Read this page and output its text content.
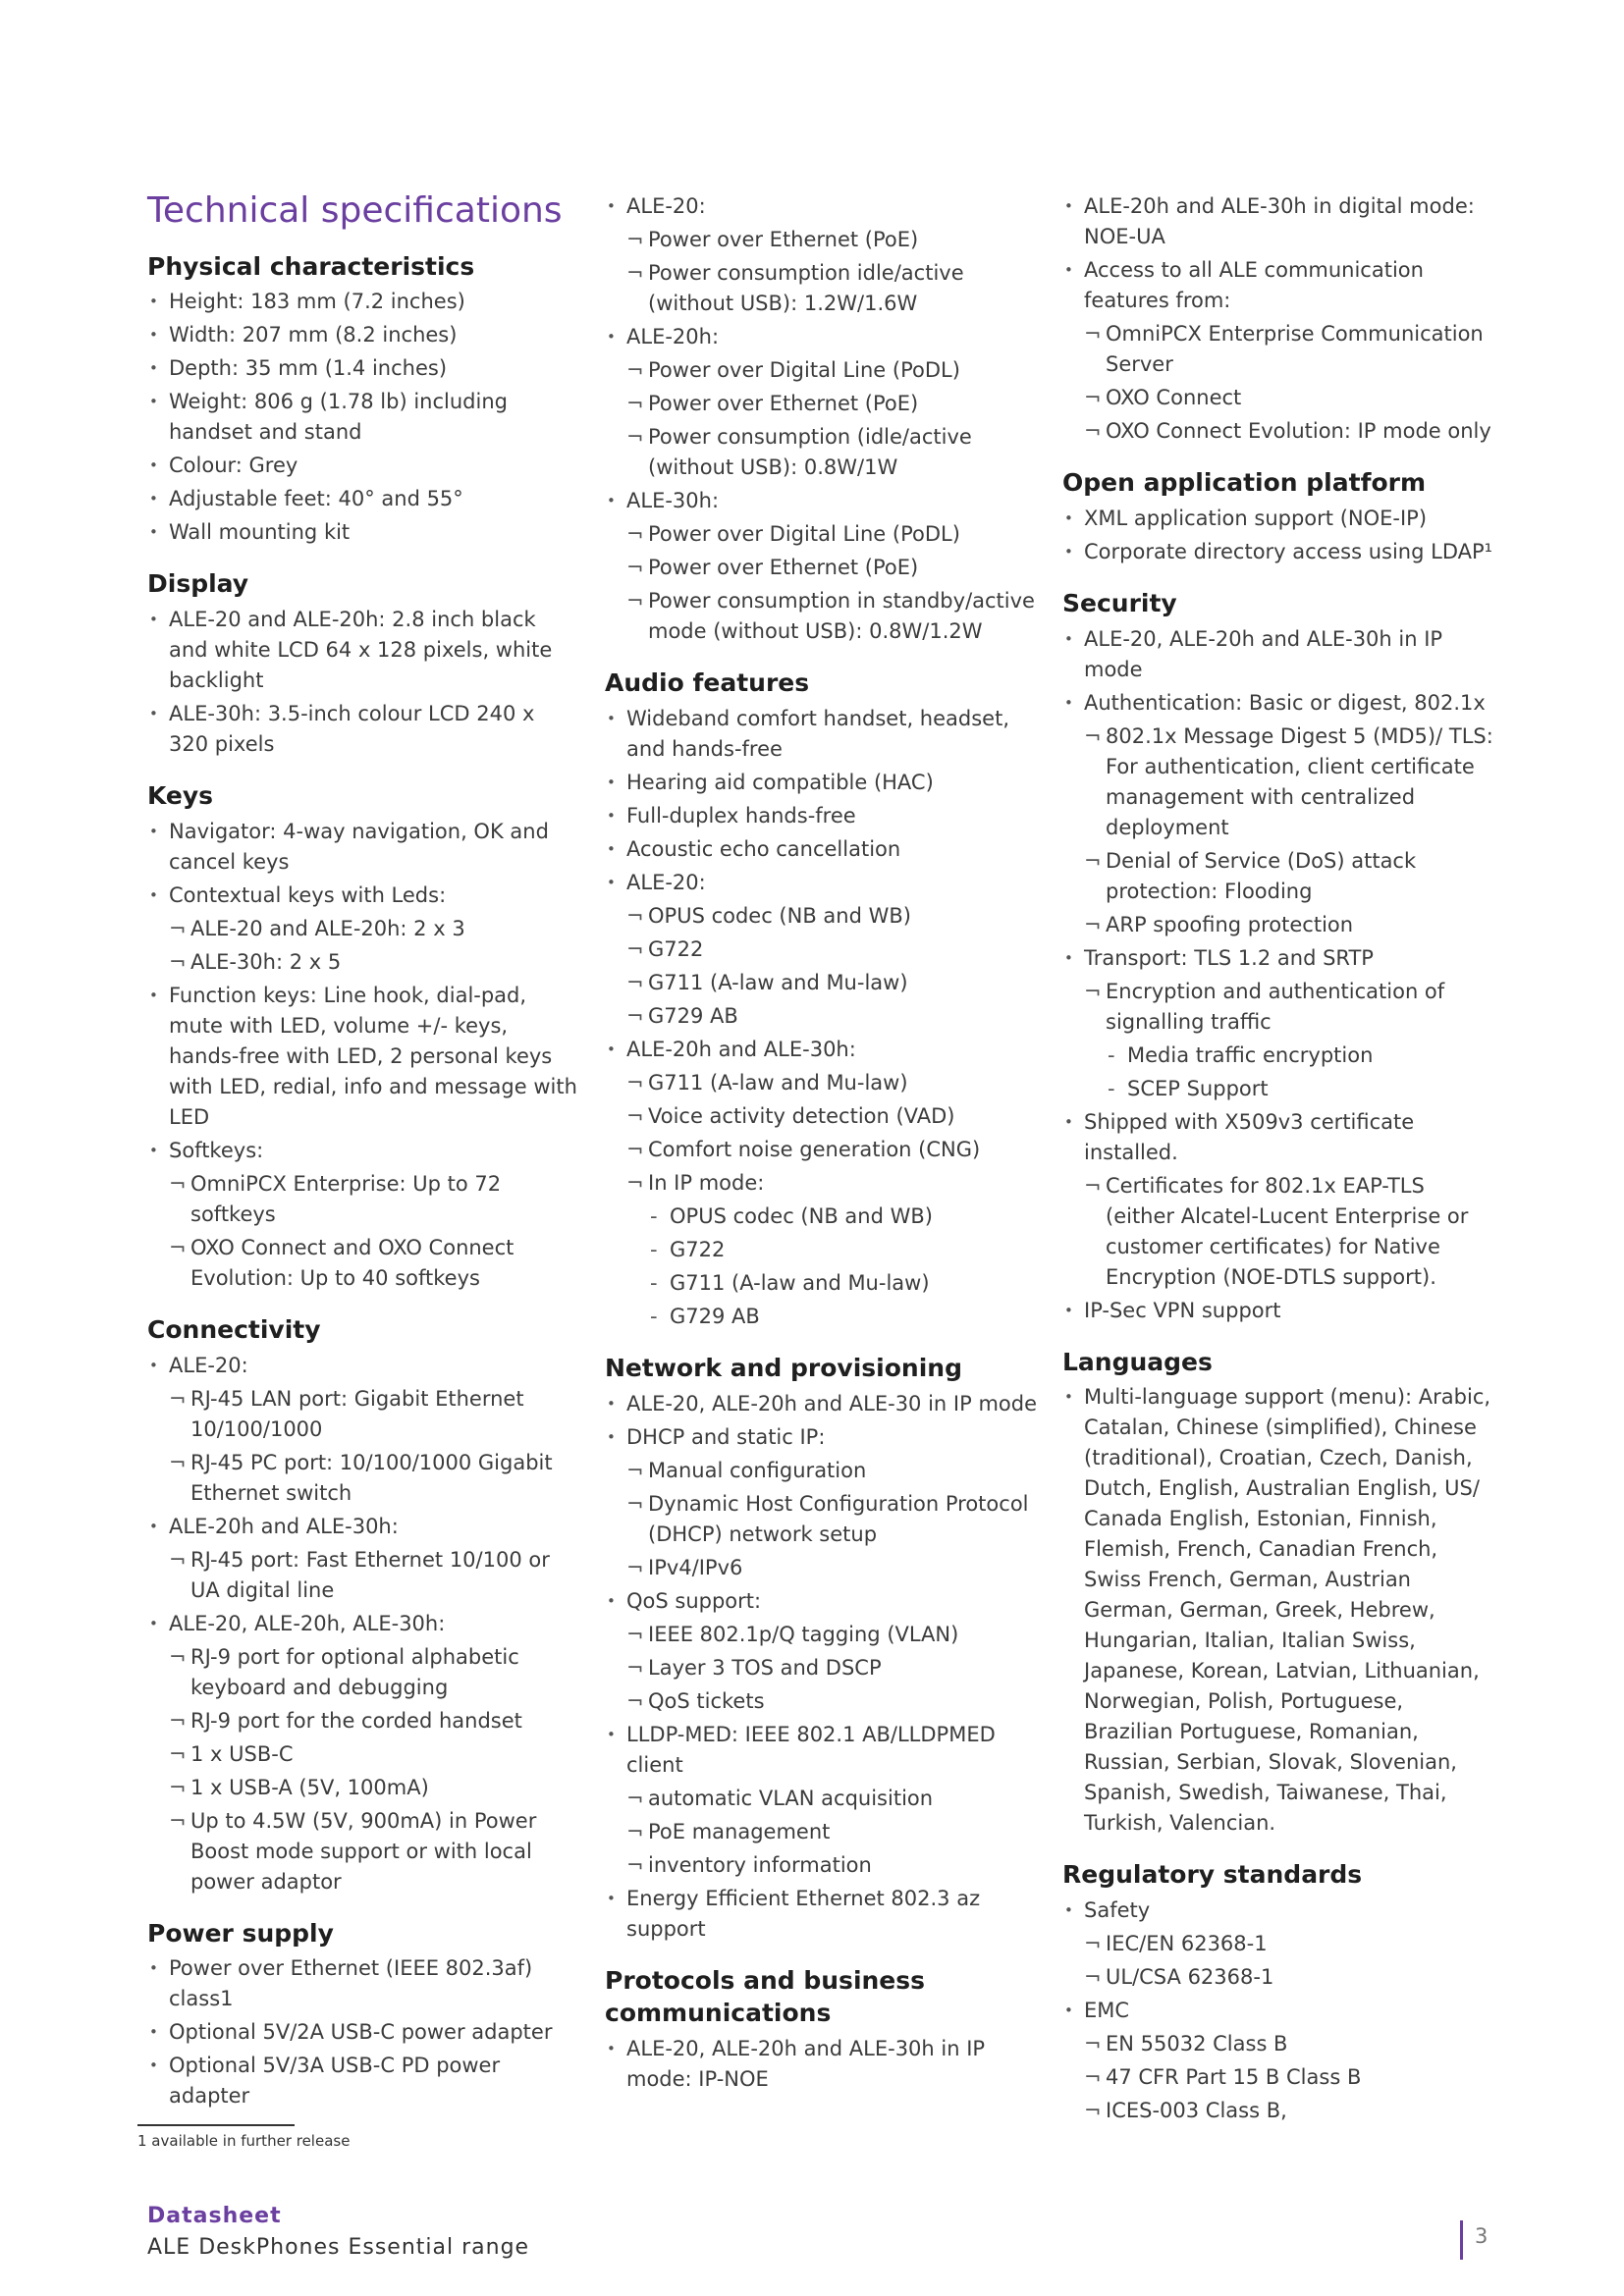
Technical specifications
Physical characteristics
• Height: 183 mm (7.2 inches)
• Width: 207 mm (8.2 inches)
• Depth: 35 mm (1.4 inches)
• Weight: 806 g (1.78 lb) including handset and stand
• Colour: Grey
• Adjustable feet: 40° and 55°
• Wall mounting kit
Display
• ALE-20 and ALE-20h: 2.8 inch black and white LCD 64 x 128 pixels, white backlight
• ALE-30h: 3.5-inch colour LCD 240 x 320 pixels
Keys
• Navigator: 4-way navigation, OK and cancel keys
• Contextual keys with Leds:
¬ ALE-20 and ALE-20h: 2 x 3
¬ ALE-30h: 2 x 5
• Function keys: Line hook, dial-pad, mute with LED, volume +/- keys, hands-free with LED, 2 personal keys with LED, redial, info and message with LED
• Softkeys:
¬ OmniPCX Enterprise: Up to 72 softkeys
¬ OXO Connect and OXO Connect Evolution: Up to 40 softkeys
Connectivity
• ALE-20:
¬ RJ-45 LAN port: Gigabit Ethernet 10/100/1000
¬ RJ-45 PC port: 10/100/1000 Gigabit Ethernet switch
• ALE-20h and ALE-30h:
¬ RJ-45 port: Fast Ethernet 10/100 or UA digital line
• ALE-20, ALE-20h, ALE-30h:
¬ RJ-9 port for optional alphabetic keyboard and debugging
¬ RJ-9 port for the corded handset
¬ 1 x USB-C
¬ 1 x USB-A (5V, 100mA)
¬ Up to 4.5W (5V, 900mA) in Power Boost mode support or with local power adaptor
Power supply
• Power over Ethernet (IEEE 802.3af) class1
• Optional 5V/2A USB-C power adapter
• Optional 5V/3A USB-C PD power adapter
• ALE-20:
¬ Power over Ethernet (PoE)
¬ Power consumption idle/active (without USB): 1.2W/1.6W
• ALE-20h:
¬ Power over Digital Line (PoDL)
¬ Power over Ethernet (PoE)
¬ Power consumption (idle/active (without USB): 0.8W/1W
• ALE-30h:
¬ Power over Digital Line (PoDL)
¬ Power over Ethernet (PoE)
¬ Power consumption in standby/active mode (without USB): 0.8W/1.2W
Audio features
• Wideband comfort handset, headset, and hands-free
• Hearing aid compatible (HAC)
• Full-duplex hands-free
• Acoustic echo cancellation
• ALE-20:
¬ OPUS codec (NB and WB)
¬ G722
¬ G711 (A-law and Mu-law)
¬ G729 AB
• ALE-20h and ALE-30h:
¬ G711 (A-law and Mu-law)
¬ Voice activity detection (VAD)
¬ Comfort noise generation (CNG)
¬ In IP mode:
- OPUS codec (NB and WB)
- G722
- G711 (A-law and Mu-law)
- G729 AB
Network and provisioning
• ALE-20, ALE-20h and ALE-30 in IP mode
• DHCP and static IP:
¬ Manual configuration
¬ Dynamic Host Configuration Protocol (DHCP) network setup
¬ IPv4/IPv6
• QoS support:
¬ IEEE 802.1p/Q tagging (VLAN)
¬ Layer 3 TOS and DSCP
¬ QoS tickets
• LLDP-MED: IEEE 802.1 AB/LLDPMED client
¬ automatic VLAN acquisition
¬ PoE management
¬ inventory information
• Energy Efficient Ethernet 802.3 az support
Protocols and business communications
• ALE-20, ALE-20h and ALE-30h in IP mode: IP-NOE
• ALE-20h and ALE-30h in digital mode: NOE-UA
• Access to all ALE communication features from:
¬ OmniPCX Enterprise Communication Server
¬ OXO Connect
¬ OXO Connect Evolution: IP mode only
Open application platform
• XML application support (NOE-IP)
• Corporate directory access using LDAP¹
Security
• ALE-20, ALE-20h and ALE-30h in IP mode
• Authentication: Basic or digest, 802.1x
¬ 802.1x Message Digest 5 (MD5)/ TLS: For authentication, client certificate management with centralized deployment
¬ Denial of Service (DoS) attack protection: Flooding
¬ ARP spoofing protection
• Transport: TLS 1.2 and SRTP
¬ Encryption and authentication of signalling traffic
- Media traffic encryption
- SCEP Support
• Shipped with X509v3 certificate installed.
¬ Certificates for 802.1x EAP-TLS (either Alcatel-Lucent Enterprise or customer certificates) for Native Encryption (NOE-DTLS support).
• IP-Sec VPN support
Languages
• Multi-language support (menu): Arabic, Catalan, Chinese (simplified), Chinese (traditional), Croatian, Czech, Danish, Dutch, English, Australian English, US/ Canada English, Estonian, Finnish, Flemish, French, Canadian French, Swiss French, German, Austrian German, German, Greek, Hebrew, Hungarian, Italian, Italian Swiss, Japanese, Korean, Latvian, Lithuanian, Norwegian, Polish, Portuguese, Brazilian Portuguese, Romanian, Russian, Serbian, Slovak, Slovenian, Spanish, Swedish, Taiwanese, Thai, Turkish, Valencian.
Regulatory standards
• Safety
¬ IEC/EN 62368-1
¬ UL/CSA 62368-1
• EMC
¬ EN 55032 Class B
¬ 47 CFR Part 15 B Class B
¬ ICES-003 Class B,
1 available in further release
Datasheet
ALE DeskPhones Essential range	3
